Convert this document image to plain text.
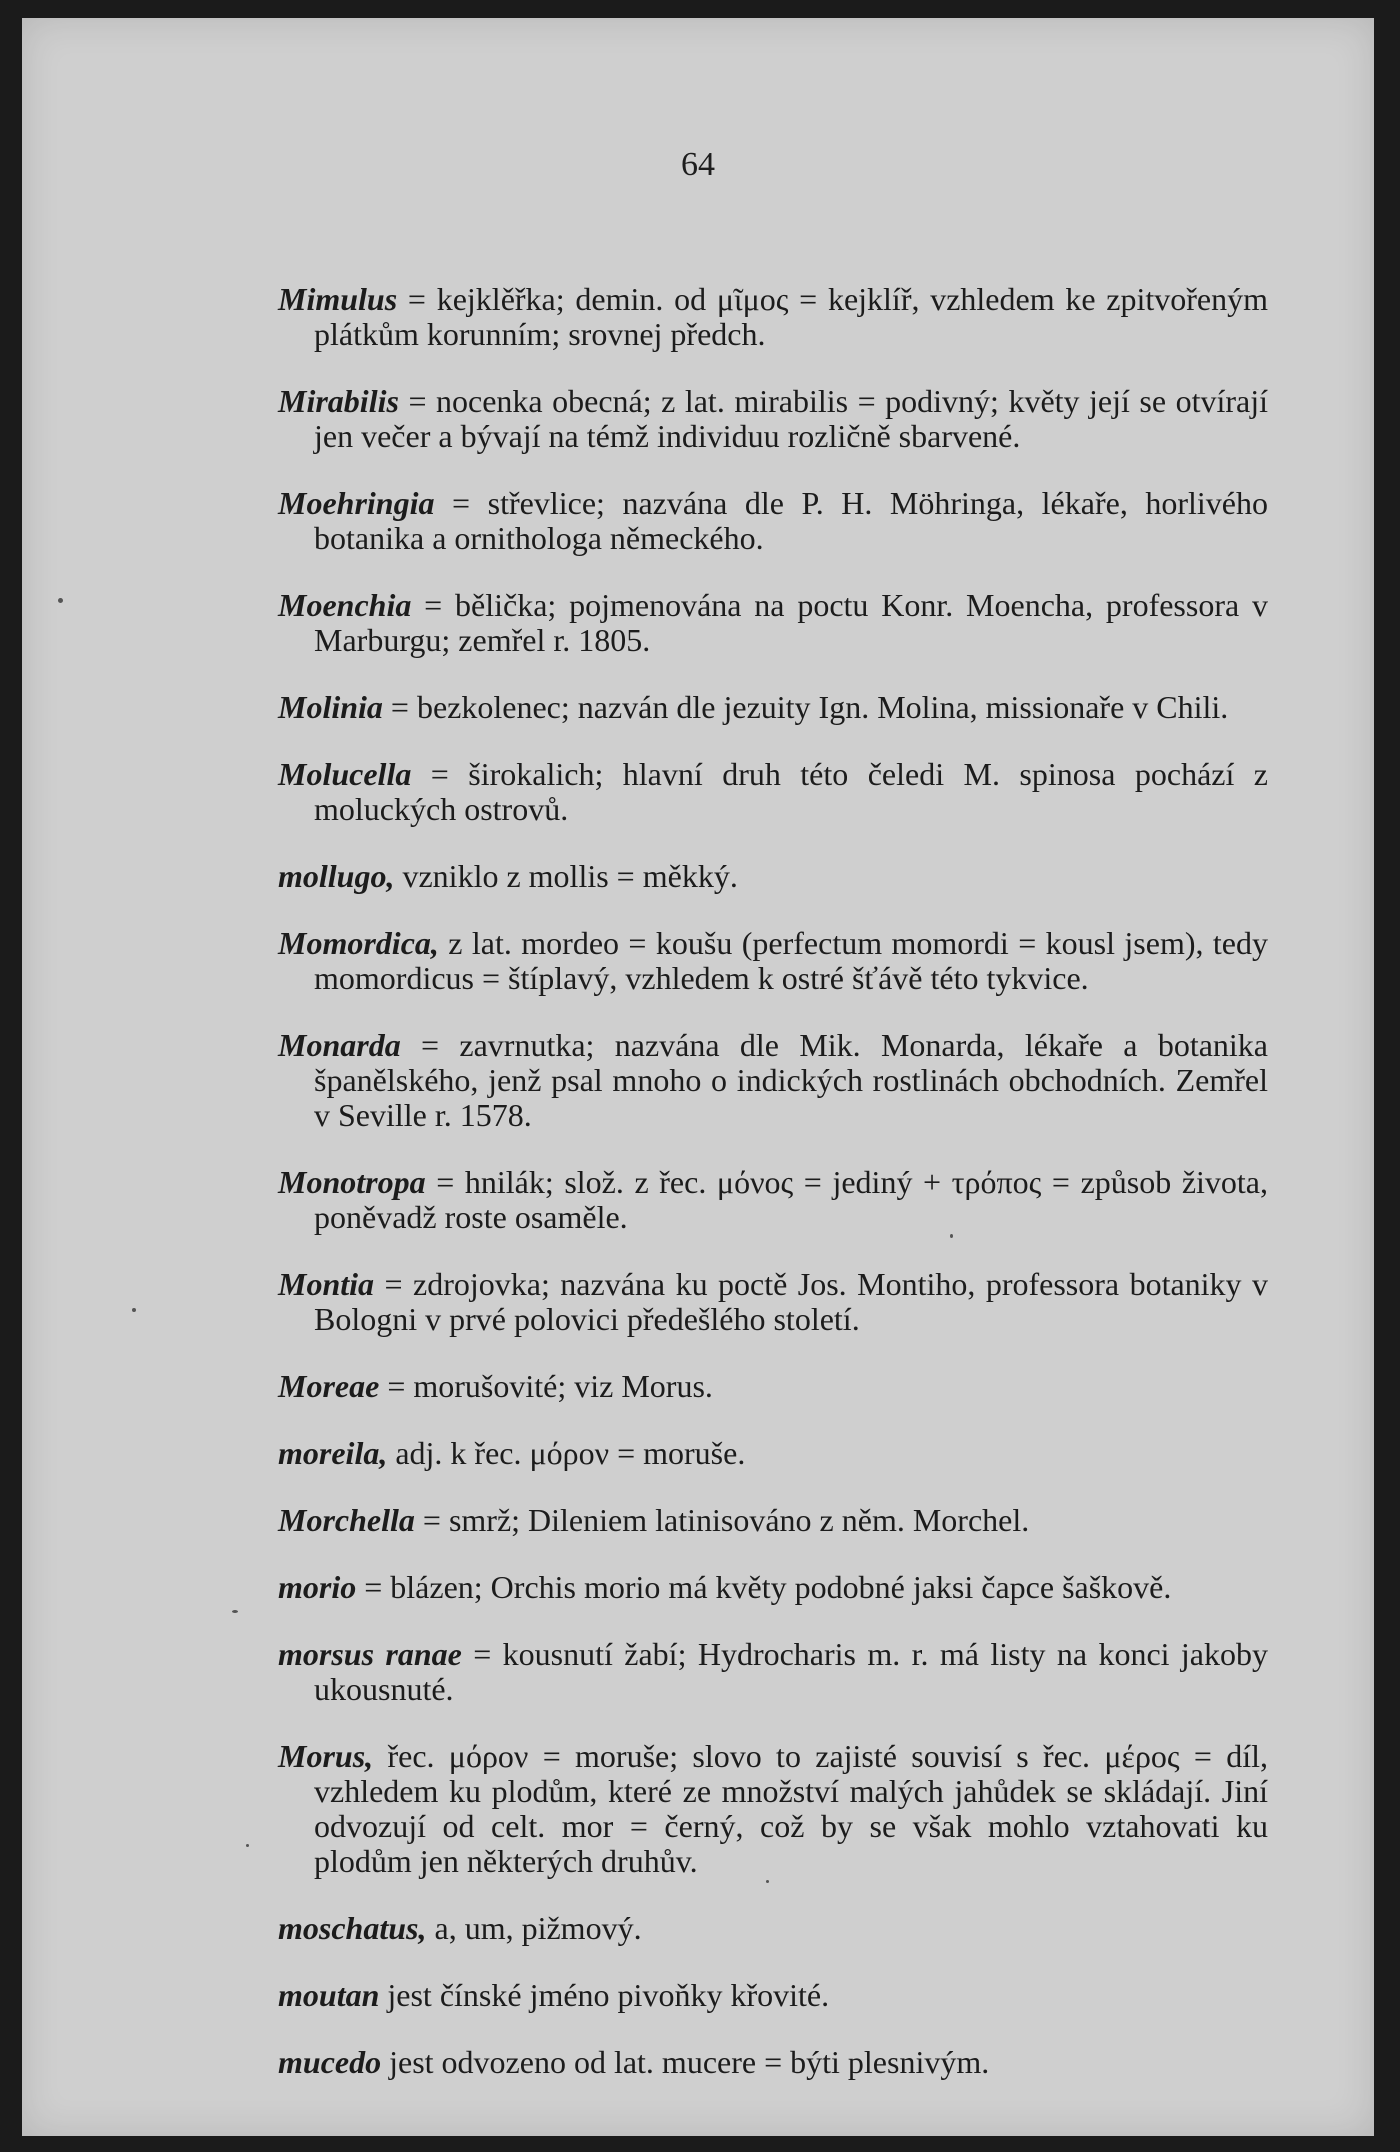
64

Mimulus = kejklěřka; demin. od μῖμος = kejklíř, vzhledem ke zpitvořeným plátkům korunním; srovnej předch.

Mirabilis = nocenka obecná; z lat. mirabilis = podivný; květy její se otvírají jen večer a bývají na témž individuu rozličně sbarvené.

Moehringia = střevlice; nazvána dle P. H. Möhringa, lékaře, horlivého botanika a ornithologa německého.

Moenchia = bělička; pojmenována na poctu Konr. Moencha, professora v Marburgu; zemřel r. 1805.

Molinia = bezkolenec; nazván dle jezuity Ign. Molina, missionaře v Chili.

Molucella = širokalich; hlavní druh této čeledi M. spinosa pochází z moluckých ostrovů.

mollugo, vzniklo z mollis = měkký.

Momordica, z lat. mordeo = koušu (perfectum momordi = kousl jsem), tedy momordicus = štíplavý, vzhledem k ostré šťávě této tykvice.

Monarda = zavrnutka; nazvána dle Mik. Monarda, lékaře a botanika španělského, jenž psal mnoho o indických rostlinách obchodních. Zemřel v Seville r. 1578.

Monotropa = hnilák; slož. z řec. μόνος = jediný + τρόπος = způsob života, poněvadž roste osaměle.

Montia = zdrojovka; nazvána ku poctě Jos. Montiho, professora botaniky v Bologni v prvé polovici předešlého století.

Moreae = morušovité; viz Morus.

moreila, adj. k řec. μόρον = moruše.

Morchella = smrž; Dileniem latinisováno z něm. Morchel.

morio = blázen; Orchis morio má květy podobné jaksi čapce šaškově.

morsus ranae = kousnutí žabí; Hydrocharis m. r. má listy na konci jakoby ukousnuté.

Morus, řec. μόρον = moruše; slovo to zajisté souvisí s řec. μέρος = díl, vzhledem ku plodům, které ze množství malých jahůdek se skládají. Jiní odvozují od celt. mor = černý, což by se však mohlo vztahovati ku plodům jen některých druhův.

moschatus, a, um, pižmový.

moutan jest čínské jméno pivoňky křovité.

mucedo jest odvozeno od lat. mucere = býti plesnivým.
